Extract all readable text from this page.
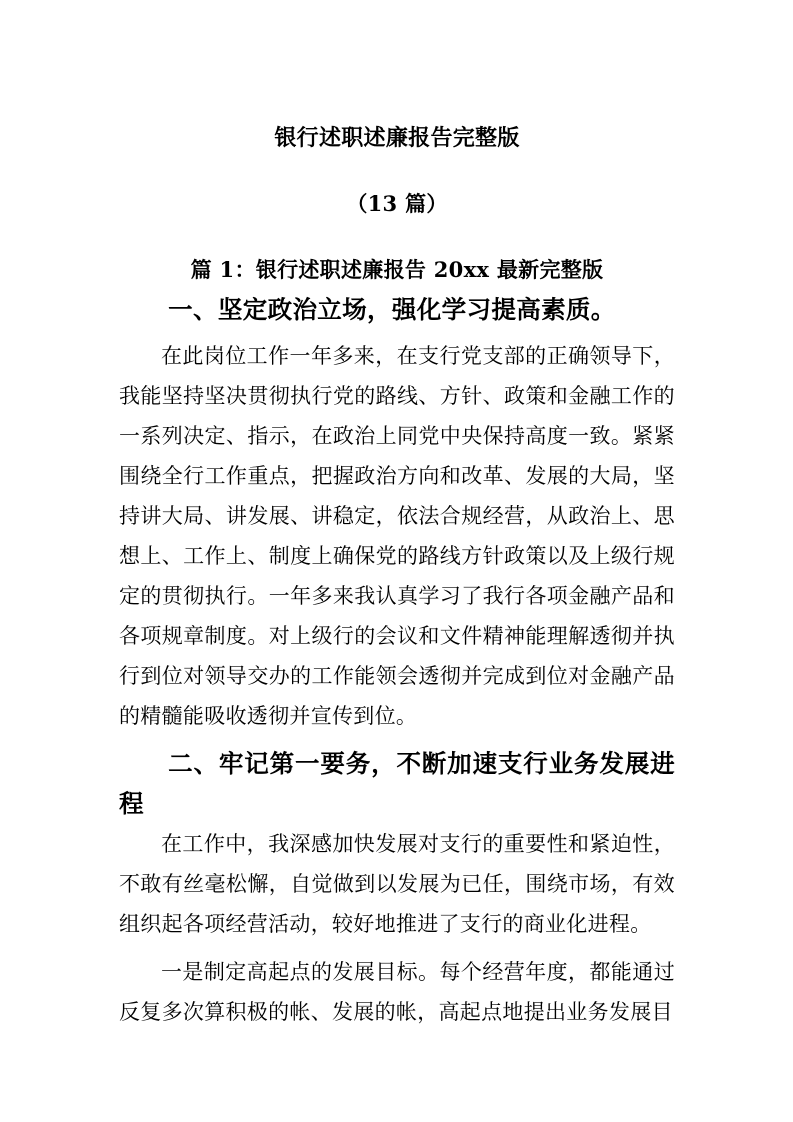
银行述职述廉报告完整版

（13 篇）

篇 1：银行述职述廉报告 20xx 最新完整版
一、坚定政治立场，强化学习提高素质。

在此岗位工作一年多来，在支行党支部的正确领导下，我能坚持坚决贯彻执行党的路线、方针、政策和金融工作的一系列决定、指示，在政治上同党中央保持高度一致。紧紧围绕全行工作重点，把握政治方向和改革、发展的大局，坚持讲大局、讲发展、讲稳定，依法合规经营，从政治上、思想上、工作上、制度上确保党的路线方针政策以及上级行规定的贯彻执行。一年多来我认真学习了我行各项金融产品和各项规章制度。对上级行的会议和文件精神能理解透彻并执行到位对领导交办的工作能领会透彻并完成到位对金融产品的精髓能吸收透彻并宣传到位。

二、牢记第一要务，不断加速支行业务发展进程

在工作中，我深感加快发展对支行的重要性和紧迫性，不敢有丝毫松懈，自觉做到以发展为已任，围绕市场，有效组织起各项经营活动，较好地推进了支行的商业化进程。

一是制定高起点的发展目标。每个经营年度，都能通过反复多次算积极的帐、发展的帐，高起点地提出业务发展目
